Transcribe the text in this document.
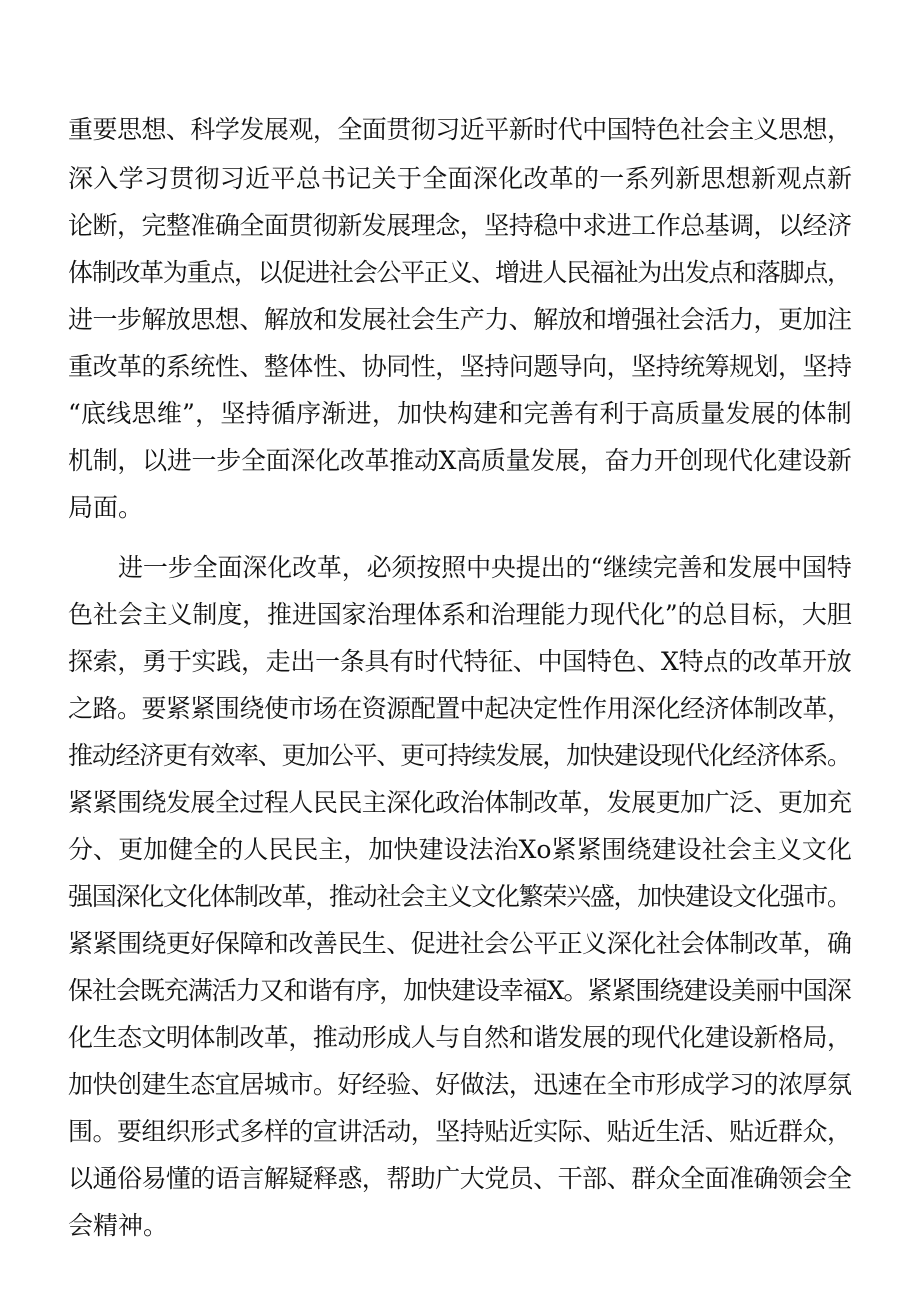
重要思想、科学发展观，全面贯彻习近平新时代中国特色社会主义思想，
深入学习贯彻习近平总书记关于全面深化改革的一系列新思想新观点新
论断，完整准确全面贯彻新发展理念，坚持稳中求进工作总基调，以经济
体制改革为重点，以促进社会公平正义、增进人民福祉为出发点和落脚点，
进一步解放思想、解放和发展社会生产力、解放和增强社会活力，更加注
重改革的系统性、整体性、协同性，坚持问题导向，坚持统筹规划，坚持
“底线思维”，坚持循序渐进，加快构建和完善有利于高质量发展的体制
机制，以进一步全面深化改革推动X高质量发展，奋力开创现代化建设新
局面。
进一步全面深化改革，必须按照中央提出的“继续完善和发展中国特
色社会主义制度，推进国家治理体系和治理能力现代化”的总目标，大胆
探索，勇于实践，走出一条具有时代特征、中国特色、X特点的改革开放
之路。要紧紧围绕使市场在资源配置中起决定性作用深化经济体制改革，
推动经济更有效率、更加公平、更可持续发展，加快建设现代化经济体系。
紧紧围绕发展全过程人民民主深化政治体制改革，发展更加广泛、更加充
分、更加健全的人民民主，加快建设法治Xo紧紧围绕建设社会主义文化
强国深化文化体制改革，推动社会主义文化繁荣兴盛，加快建设文化强市。
紧紧围绕更好保障和改善民生、促进社会公平正义深化社会体制改革，确
保社会既充满活力又和谐有序，加快建设幸福X。紧紧围绕建设美丽中国深
化生态文明体制改革，推动形成人与自然和谐发展的现代化建设新格局，
加快创建生态宜居城市。好经验、好做法，迅速在全市形成学习的浓厚氛
围。要组织形式多样的宣讲活动，坚持贴近实际、贴近生活、贴近群众，
以通俗易懂的语言解疑释惑，帮助广大党员、干部、群众全面准确领会全
会精神。
